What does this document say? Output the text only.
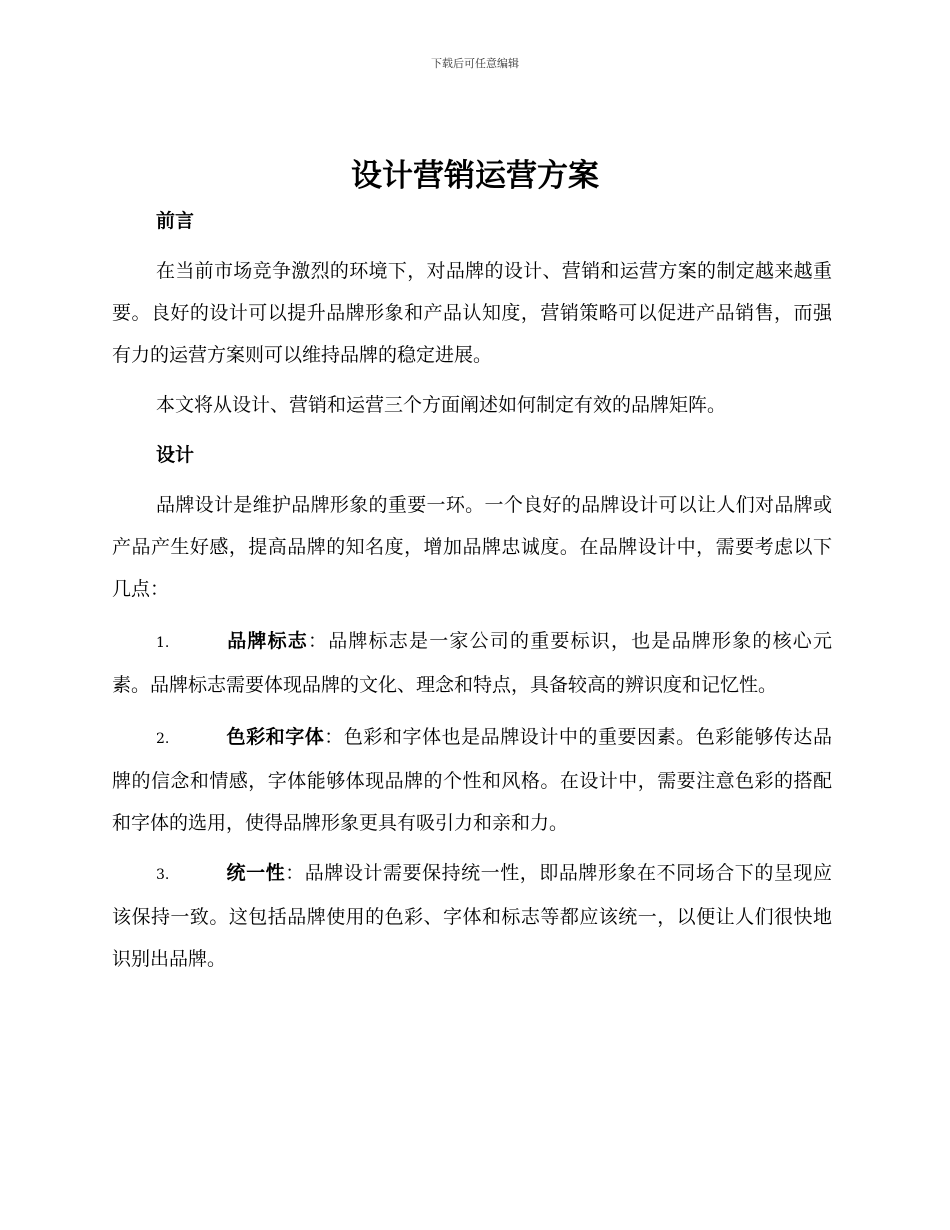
下载后可任意编辑
设计营销运营方案

前言

在当前市场竞争激烈的环境下，对品牌的设计、营销和运营方案的制定越来越重要。良好的设计可以提升品牌形象和产品认知度，营销策略可以促进产品销售，而强有力的运营方案则可以维持品牌的稳定进展。

本文将从设计、营销和运营三个方面阐述如何制定有效的品牌矩阵。

设计

品牌设计是维护品牌形象的重要一环。一个良好的品牌设计可以让人们对品牌或产品产生好感，提高品牌的知名度，增加品牌忠诚度。在品牌设计中，需要考虑以下几点：

1.	品牌标志：品牌标志是一家公司的重要标识，也是品牌形象的核心元素。品牌标志需要体现品牌的文化、理念和特点，具备较高的辨识度和记忆性。

2.	色彩和字体：色彩和字体也是品牌设计中的重要因素。色彩能够传达品牌的信念和情感，字体能够体现品牌的个性和风格。在设计中，需要注意色彩的搭配和字体的选用，使得品牌形象更具有吸引力和亲和力。

3.	统一性：品牌设计需要保持统一性，即品牌形象在不同场合下的呈现应该保持一致。这包括品牌使用的色彩、字体和标志等都应该统一，以便让人们很快地识别出品牌。
